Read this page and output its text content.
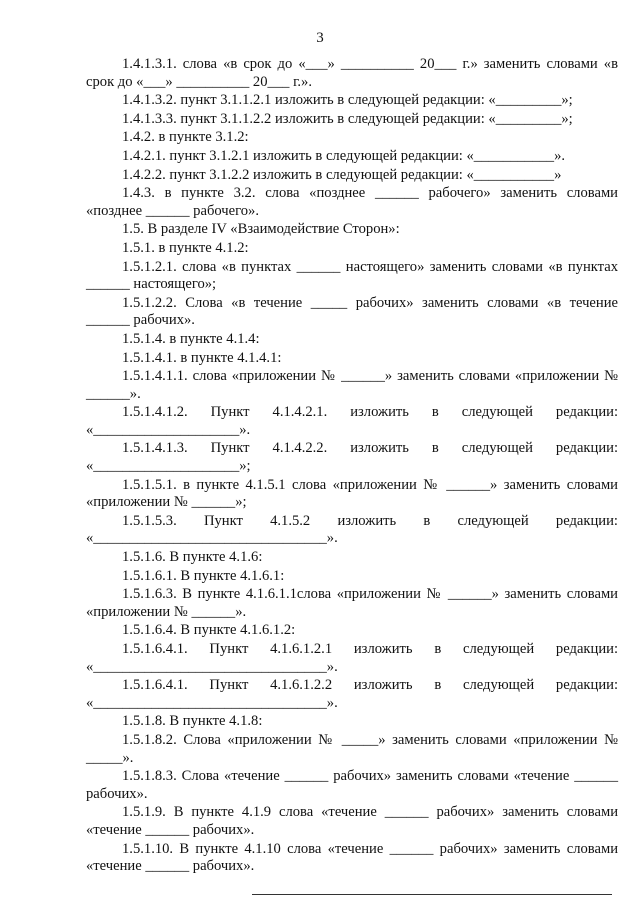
3

1.4.1.3.1. слова «в срок до «___» __________ 20___ г.» заменить словами «в срок до «___» __________ 20___ г.».

1.4.1.3.2. пункт 3.1.1.2.1 изложить в следующей редакции: «_________»;

1.4.1.3.3. пункт 3.1.1.2.2 изложить в следующей редакции: «_________»;

1.4.2. в пункте 3.1.2:

1.4.2.1. пункт 3.1.2.1 изложить в следующей редакции: «___________».

1.4.2.2. пункт 3.1.2.2 изложить в следующей редакции: «___________»

1.4.3. в пункте 3.2. слова «позднее ______ рабочего» заменить словами «позднее ______ рабочего».

1.5. В разделе IV «Взаимодействие Сторон»:

1.5.1. в пункте 4.1.2:

1.5.1.2.1. слова «в пунктах ______ настоящего» заменить словами «в пунктах ______ настоящего»;

1.5.1.2.2. Слова «в течение _____ рабочих» заменить словами «в течение ______ рабочих».

1.5.1.4. в пункте 4.1.4:

1.5.1.4.1. в пункте 4.1.4.1:

1.5.1.4.1.1. слова «приложении № ______» заменить словами «приложении № ______».

1.5.1.4.1.2. Пункт 4.1.4.2.1. изложить в следующей редакции: «____________________».

1.5.1.4.1.3. Пункт 4.1.4.2.2. изложить в следующей редакции: «____________________»;

1.5.1.5.1. в пункте 4.1.5.1 слова «приложении № ______» заменить словами «приложении № ______»;

1.5.1.5.3. Пункт 4.1.5.2 изложить в следующей редакции: «________________________________».

1.5.1.6. В пункте 4.1.6:

1.5.1.6.1. В пункте 4.1.6.1:

1.5.1.6.3. В пункте 4.1.6.1.1слова «приложении № ______» заменить словами «приложении № ______».

1.5.1.6.4. В пункте 4.1.6.1.2:

1.5.1.6.4.1. Пункт 4.1.6.1.2.1 изложить в следующей редакции: «________________________________».

1.5.1.6.4.1. Пункт 4.1.6.1.2.2 изложить в следующей редакции: «________________________________».

1.5.1.8. В пункте 4.1.8:

1.5.1.8.2. Слова «приложении № _____» заменить словами «приложении № _____».

1.5.1.8.3. Слова «течение ______ рабочих» заменить словами «течение ______ рабочих».

1.5.1.9. В пункте 4.1.9 слова «течение ______ рабочих» заменить словами «течение ______ рабочих».

1.5.1.10. В пункте 4.1.10 слова «течение ______ рабочих» заменить словами «течение ______ рабочих».
